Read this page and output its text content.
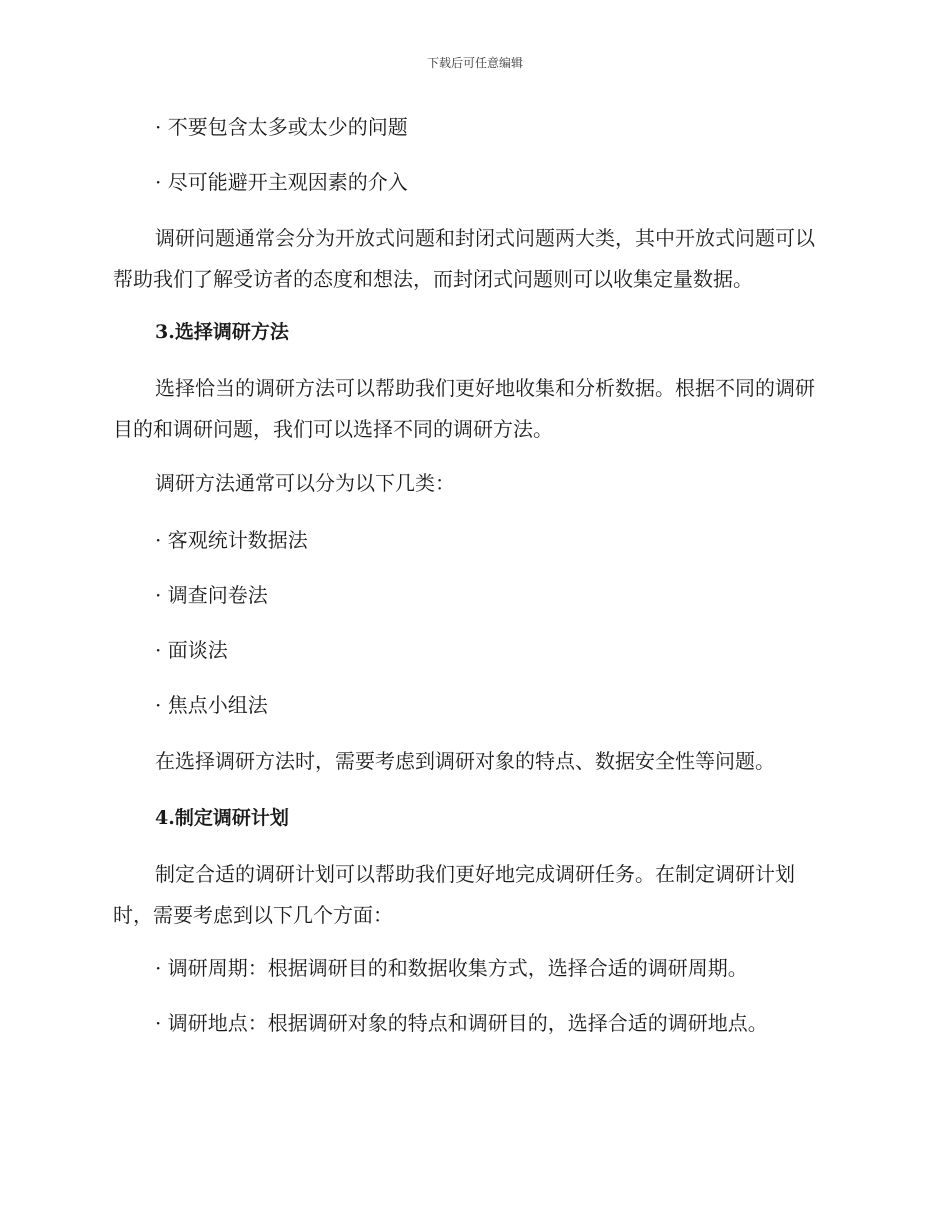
下载后可任意编辑

· 不要包含太多或太少的问题

· 尽可能避开主观因素的介入

调研问题通常会分为开放式问题和封闭式问题两大类，其中开放式问题可以帮助我们了解受访者的态度和想法，而封闭式问题则可以收集定量数据。

3.选择调研方法

选择恰当的调研方法可以帮助我们更好地收集和分析数据。根据不同的调研目的和调研问题，我们可以选择不同的调研方法。

调研方法通常可以分为以下几类：

· 客观统计数据法

· 调查问卷法

· 面谈法

· 焦点小组法

在选择调研方法时，需要考虑到调研对象的特点、数据安全性等问题。

4.制定调研计划

制定合适的调研计划可以帮助我们更好地完成调研任务。在制定调研计划时，需要考虑到以下几个方面：

· 调研周期：根据调研目的和数据收集方式，选择合适的调研周期。

· 调研地点：根据调研对象的特点和调研目的，选择合适的调研地点。
